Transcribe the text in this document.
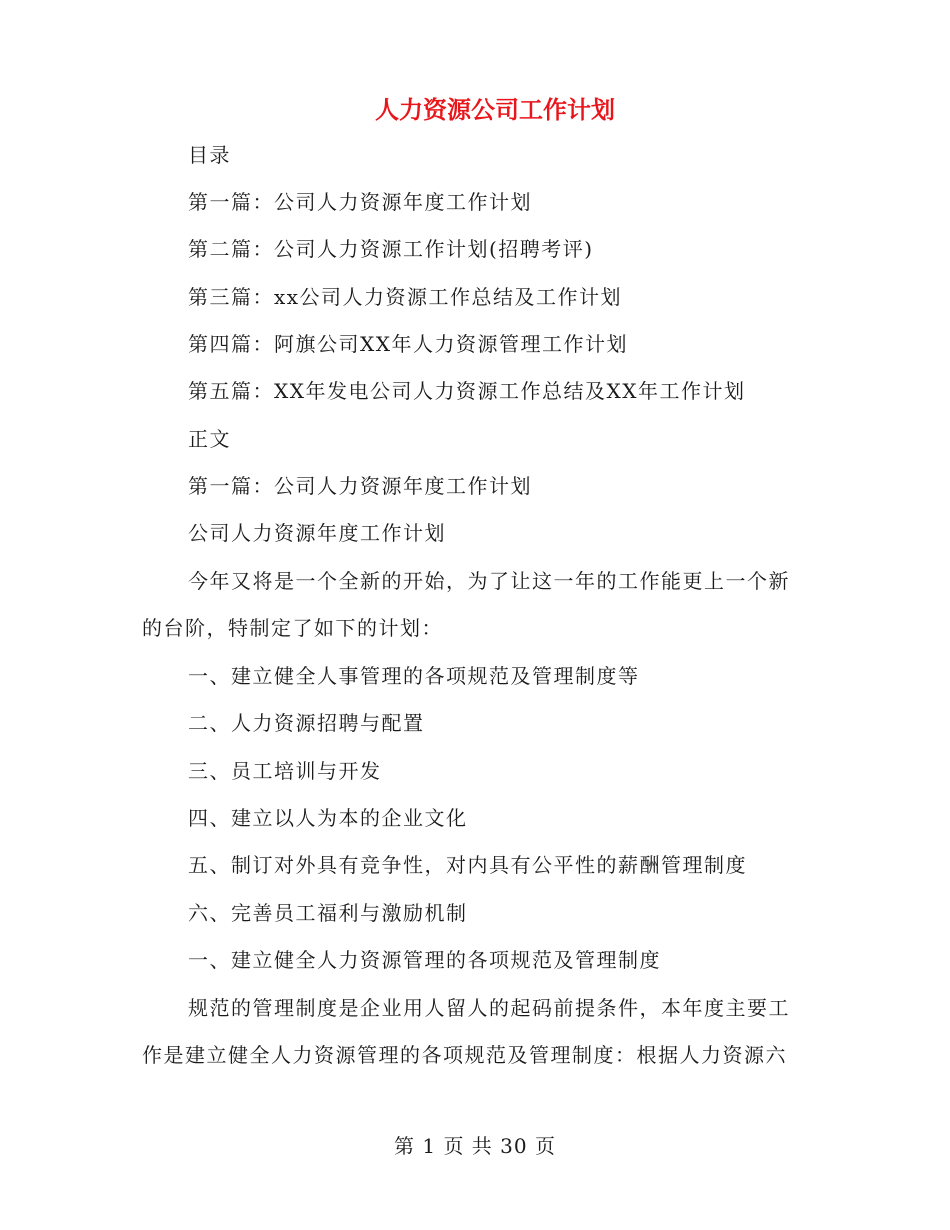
人力资源公司工作计划
目录
第一篇：公司人力资源年度工作计划
第二篇：公司人力资源工作计划(招聘考评)
第三篇：xx公司人力资源工作总结及工作计划
第四篇：阿旗公司XX年人力资源管理工作计划
第五篇：XX年发电公司人力资源工作总结及XX年工作计划
正文
第一篇：公司人力资源年度工作计划
公司人力资源年度工作计划
今年又将是一个全新的开始，为了让这一年的工作能更上一个新
的台阶，特制定了如下的计划：
一、建立健全人事管理的各项规范及管理制度等
二、人力资源招聘与配置
三、员工培训与开发
四、建立以人为本的企业文化
五、制订对外具有竞争性，对内具有公平性的薪酬管理制度
六、完善员工福利与激励机制
一、建立健全人力资源管理的各项规范及管理制度
规范的管理制度是企业用人留人的起码前提条件，本年度主要工
作是建立健全人力资源管理的各项规范及管理制度：根据人力资源六
第 1 页 共 30 页
